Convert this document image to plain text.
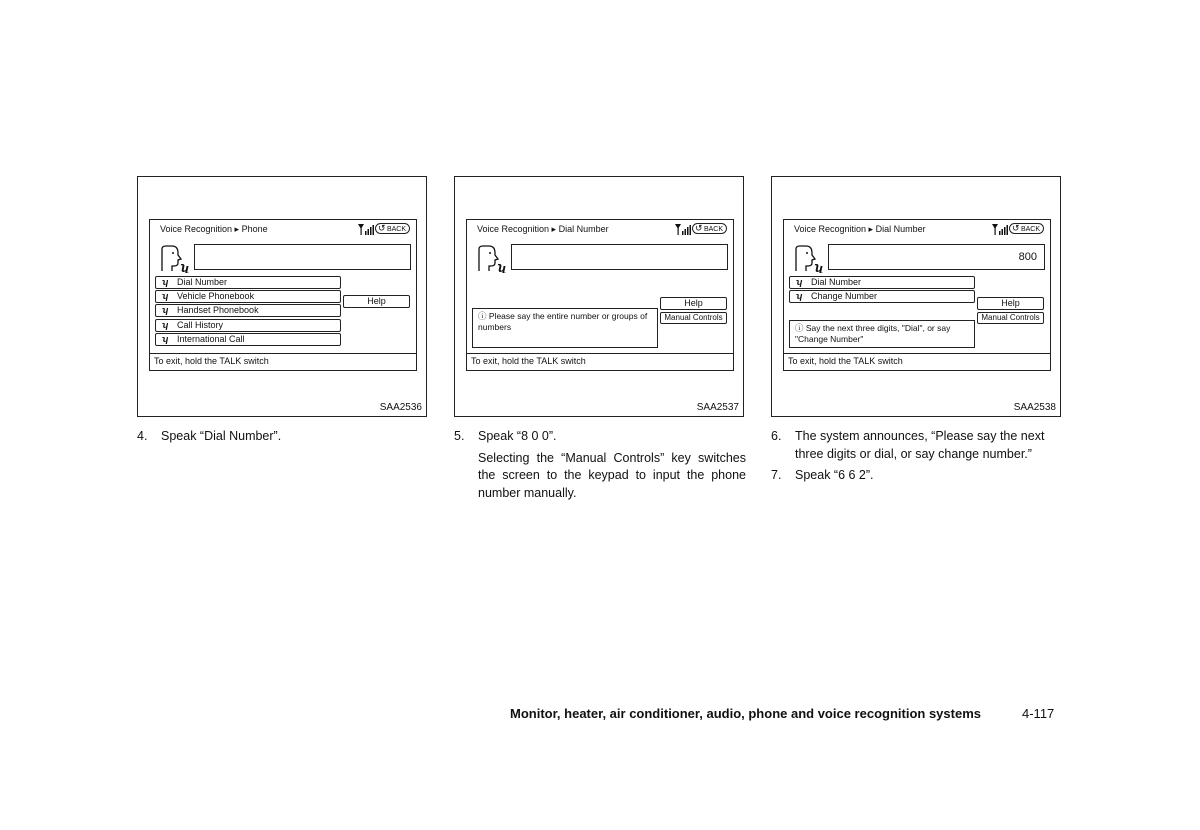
Voice Recognition ▸ Phone	↺ BACK
ʯ
ʮ Dial Number
ʮ Vehicle Phonebook
ʮ Handset Phonebook
ʮ Call History
ʮ International Call
Help
To exit, hold the TALK switch
SAA2536
Voice Recognition ▸ Dial Number	↺ BACK
ʯ
Help
Manual Controls
ⓘ Please say the entire number or groups of numbers
To exit, hold the TALK switch
SAA2537
Voice Recognition ▸ Dial Number	↺ BACK
ʯ
800
ʮ Dial Number
ʮ Change Number
Help
Manual Controls
ⓘ Say the next three digits, "Dial", or say "Change Number"
To exit, hold the TALK switch
SAA2538

4. Speak “Dial Number”.	5. Speak “8 0 0”.

Selecting the “Manual Controls” key switches the screen to the keypad to input the phone number manually.

6.	The system announces, “Please say the next three digits or dial, or say change number.”

7. Speak “6 6 2”.

Monitor, heater, air conditioner, audio, phone and voice recognition systems	4-117
